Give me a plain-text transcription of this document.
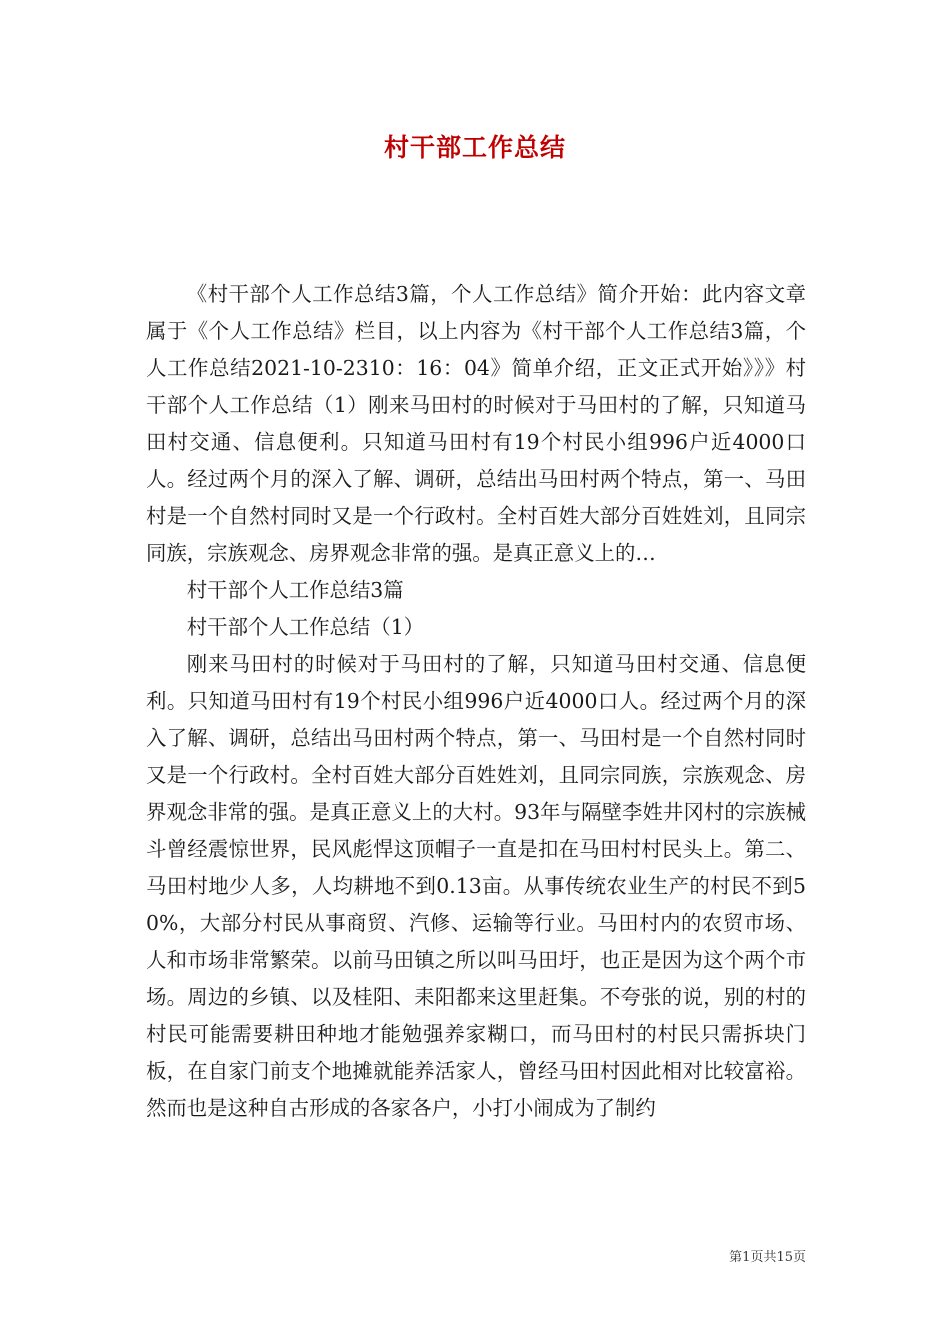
村干部工作总结

《村干部个人工作总结3篇，个人工作总结》简介开始：此内容文章属于《个人工作总结》栏目，以上内容为《村干部个人工作总结3篇，个人工作总结2021-10-2310：16：04》简单介绍，正文正式开始》》》村干部个人工作总结（1）刚来马田村的时候对于马田村的了解，只知道马田村交通、信息便利。只知道马田村有19个村民小组996户近4000口人。经过两个月的深入了解、调研，总结出马田村两个特点，第一、马田村是一个自然村同时又是一个行政村。全村百姓大部分百姓姓刘，且同宗同族，宗族观念、房界观念非常的强。是真正意义上的…

村干部个人工作总结3篇

村干部个人工作总结（1）

刚来马田村的时候对于马田村的了解，只知道马田村交通、信息便利。只知道马田村有19个村民小组996户近4000口人。经过两个月的深入了解、调研，总结出马田村两个特点，第一、马田村是一个自然村同时又是一个行政村。全村百姓大部分百姓姓刘，且同宗同族，宗族观念、房界观念非常的强。是真正意义上的大村。93年与隔壁李姓井冈村的宗族械斗曾经震惊世界，民风彪悍这顶帽子一直是扣在马田村村民头上。第二、马田村地少人多，人均耕地不到0.13亩。从事传统农业生产的村民不到50%，大部分村民从事商贸、汽修、运输等行业。马田村内的农贸市场、人和市场非常繁荣。以前马田镇之所以叫马田圩，也正是因为这个两个市场。周边的乡镇、以及桂阳、耒阳都来这里赶集。不夸张的说，别的村的村民可能需要耕田种地才能勉强养家糊口，而马田村的村民只需拆块门板，在自家门前支个地摊就能养活家人，曾经马田村因此相对比较富裕。然而也是这种自古形成的各家各户，小打小闹成为了制约

第1页共15页
